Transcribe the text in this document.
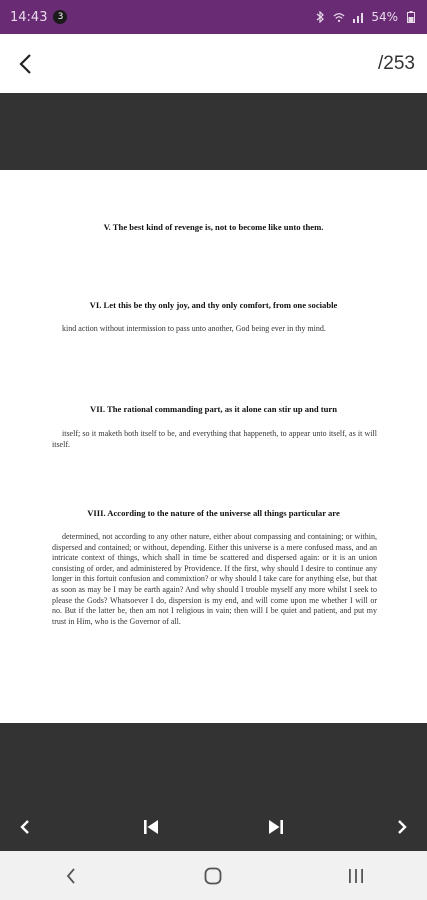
14:43	3	54%
/253
V. The best kind of revenge is, not to become like unto them.
VI. Let this be thy only joy, and thy only comfort, from one sociable
kind action without intermission to pass unto another, God being ever in thy mind.
VII. The rational commanding part, as it alone can stir up and turn
itself; so it maketh both itself to be, and everything that happeneth, to appear unto itself, as it will itself.
VIII. According to the nature of the universe all things particular are
determined, not according to any other nature, either about compassing and containing; or within, dispersed and contained; or without, depending. Either this universe is a mere confused mass, and an intricate context of things, which shall in time be scattered and dispersed again: or it is an union consisting of order, and administered by Providence. If the first, why should I desire to continue any longer in this fortuit confusion and commixtion? or why should I take care for anything else, but that as soon as may be I may be earth again? And why should I trouble myself any more whilst I seek to please the Gods? Whatsoever I do, dispersion is my end, and will come upon me whether I will or no. But if the latter be, then am not I religious in vain; then will I be quiet and patient, and put my trust in Him, who is the Governor of all.
